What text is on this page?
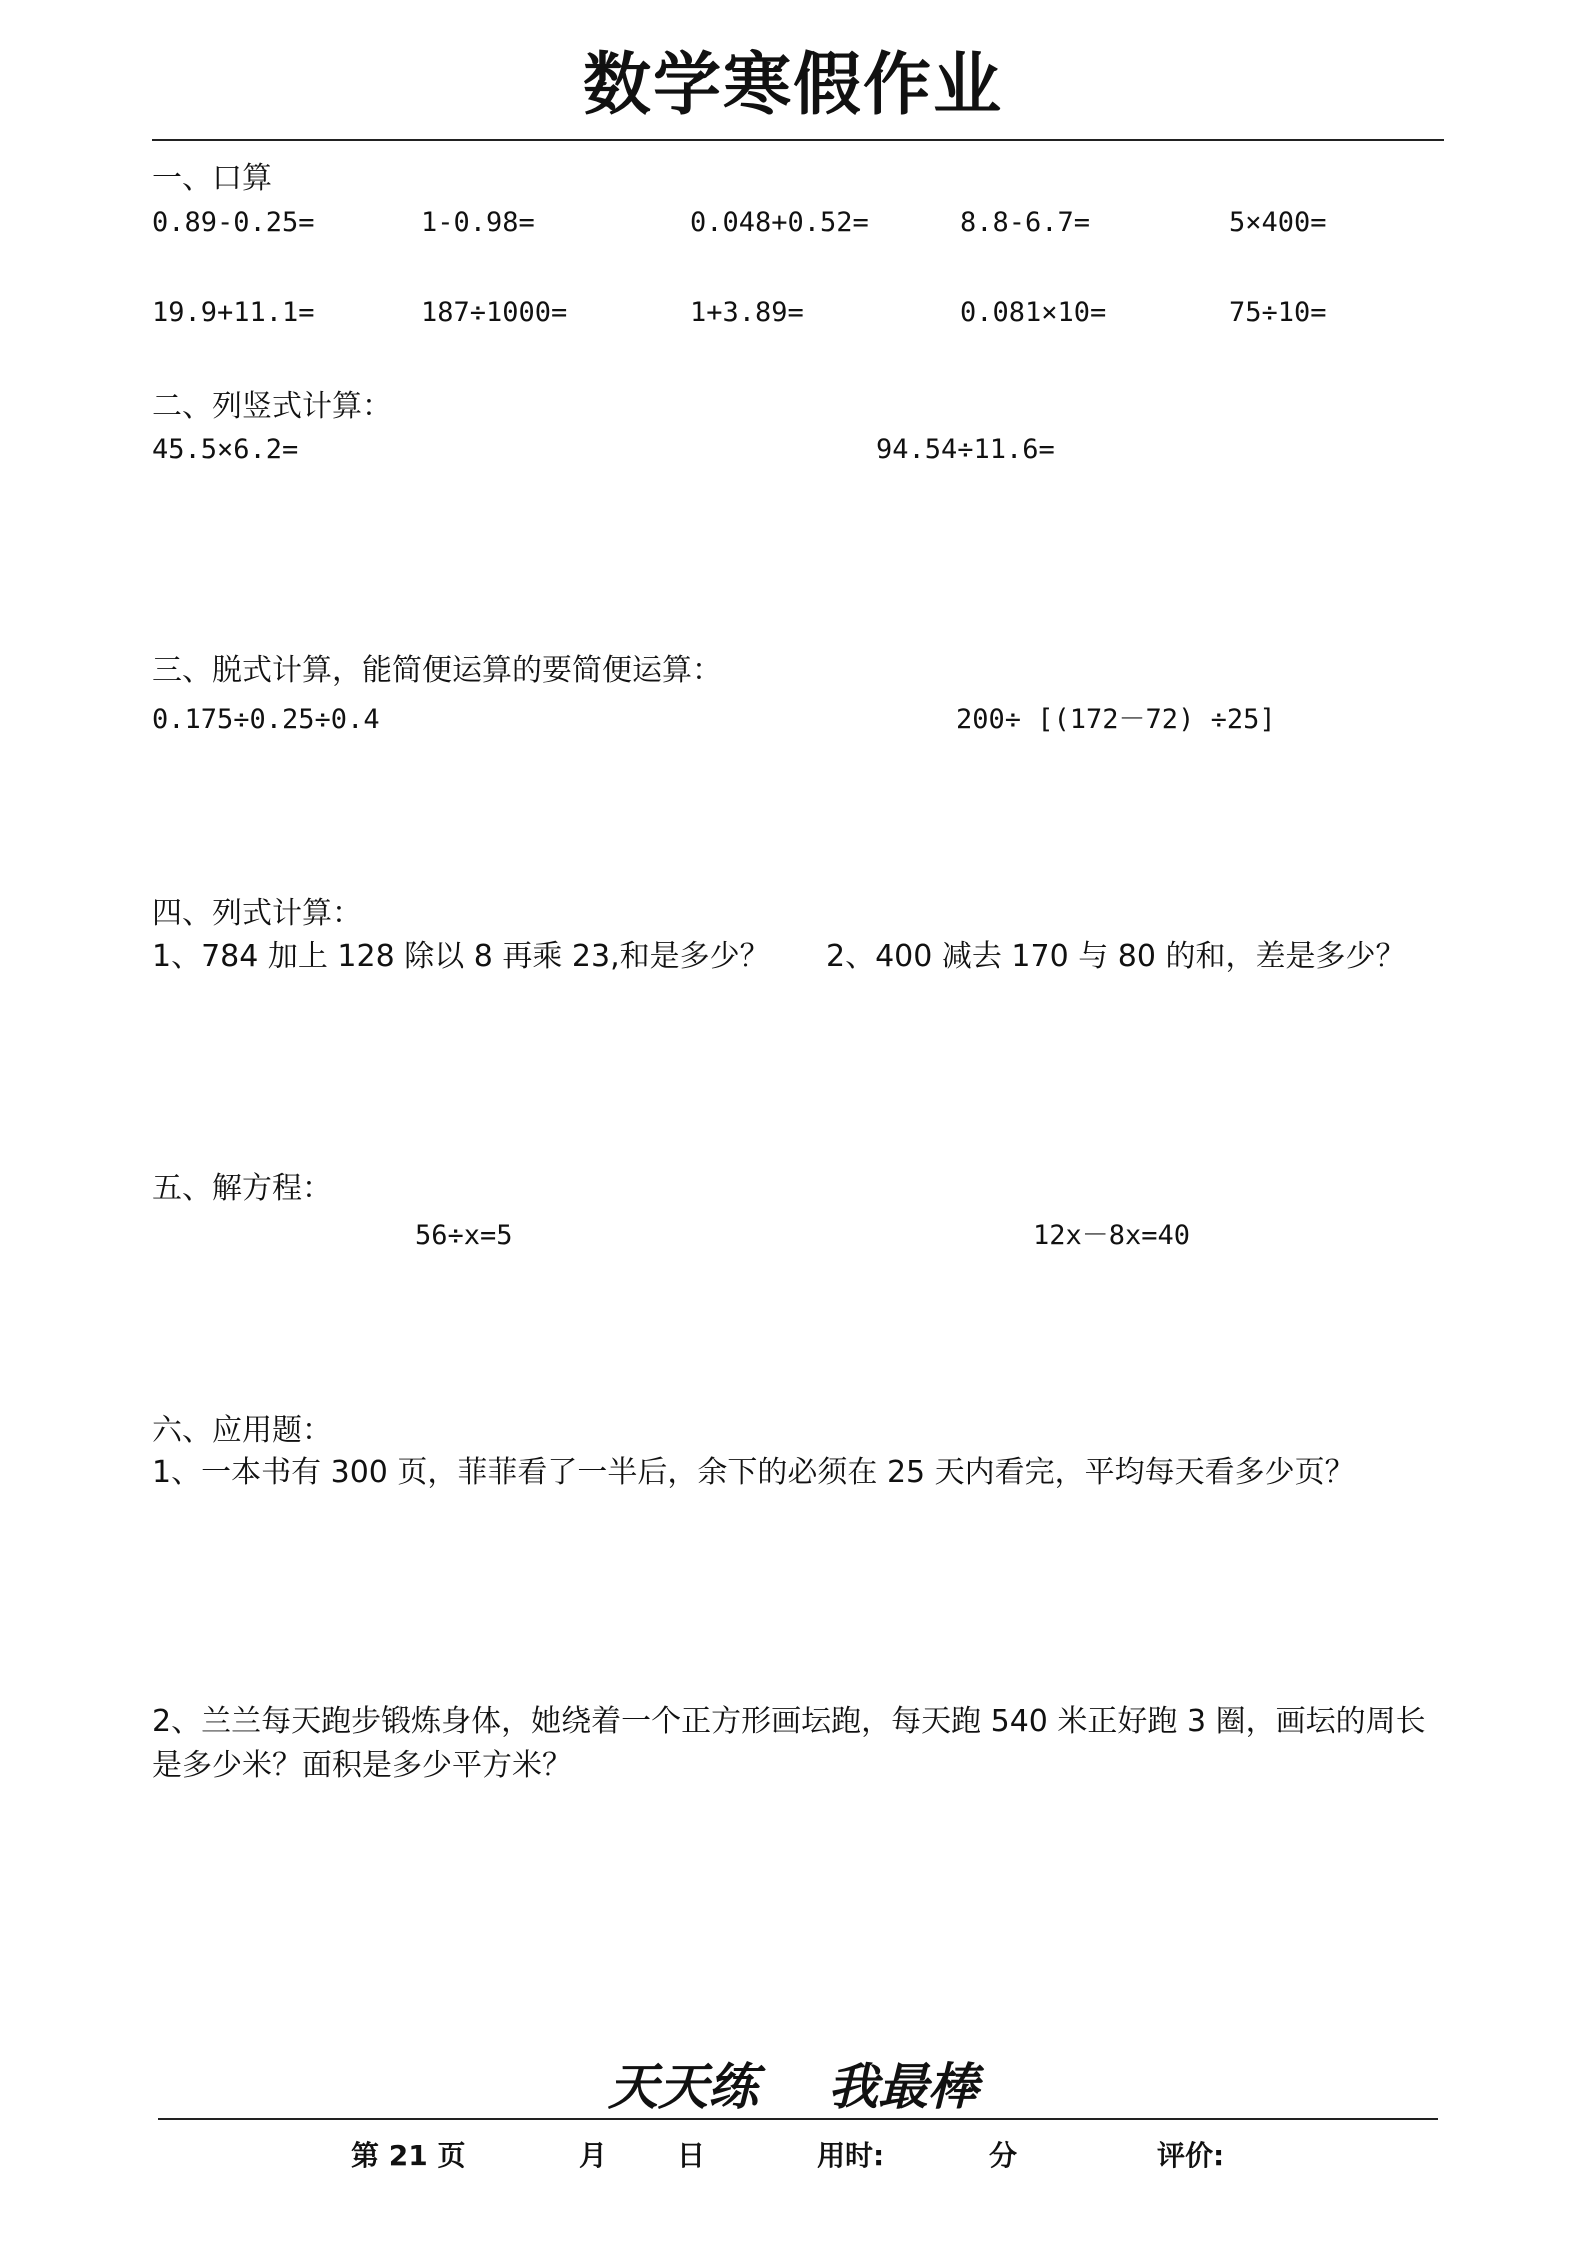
数学寒假作业
一、口算
0.89-0.25=	1-0.98=	0.048+0.52=	8.8-6.7=	5×400=
19.9+11.1=	187÷1000=	1+3.89=	0.081×10=	75÷10=
二、列竖式计算：
45.5×6.2=	94.54÷11.6=
三、脱式计算，能简便运算的要简便运算：
0.175÷0.25÷0.4	200÷ [(172－72) ÷25]
四、列式计算：
1、784 加上 128 除以 8 再乘 23,和是多少？ 2、400 减去 170 与 80 的和，差是多少？
五、解方程：
56÷x=5	12x－8x=40
六、应用题：
1、一本书有 300 页，菲菲看了一半后，余下的必须在 25 天内看完，平均每天看多少页？
2、兰兰每天跑步锻炼身体，她绕着一个正方形画坛跑，每天跑 540 米正好跑 3 圈，画坛的周长是多少米？面积是多少平方米？
天天练 我最棒
第 21 页	月 日	用时:	分	评价:
